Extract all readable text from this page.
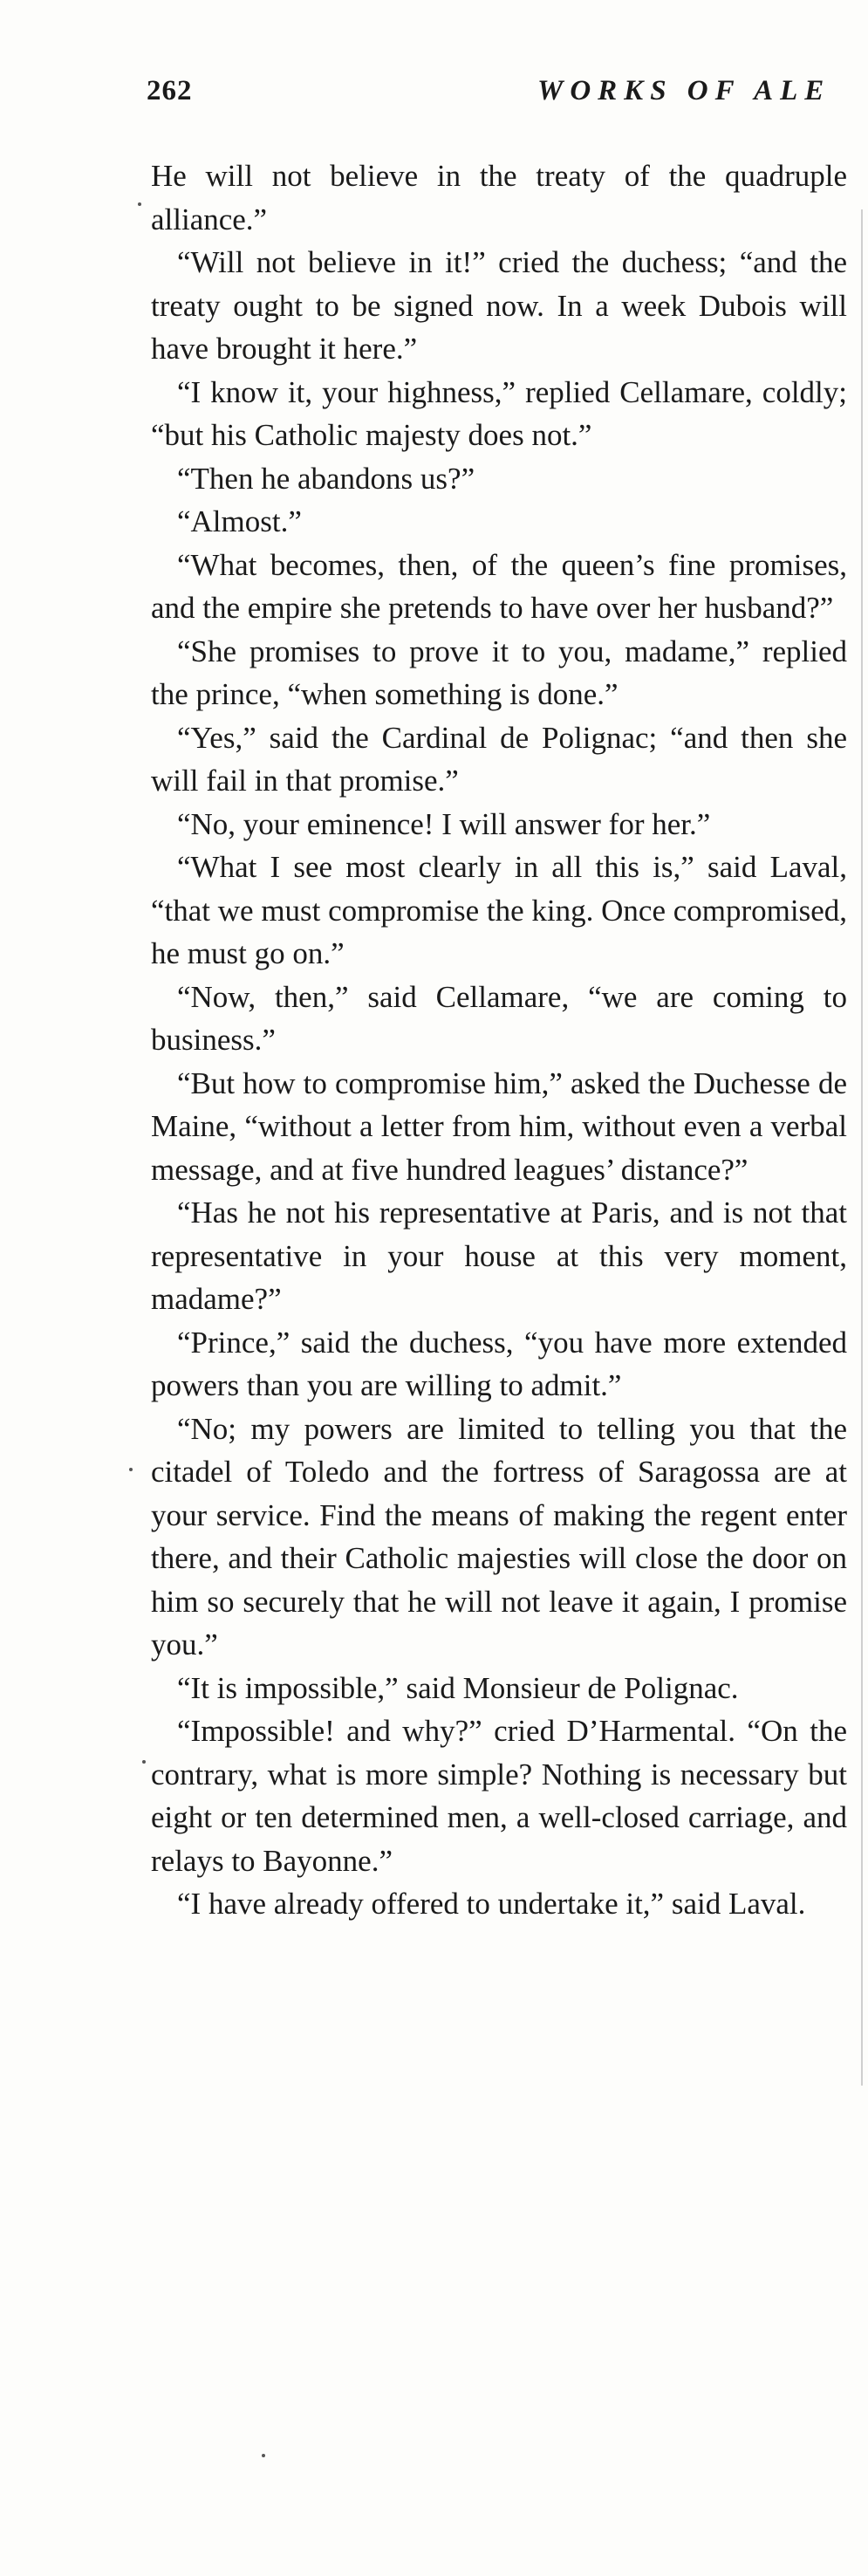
262	WORKS OF ALE

He will not believe in the treaty of the quadruple alliance.”

“Will not believe in it!” cried the duchess; “and the treaty ought to be signed now. In a week Dubois will have brought it here.”

“I know it, your highness,” replied Cellamare, coldly; “but his Catholic majesty does not.”

“Then he abandons us?”

“Almost.”

“What becomes, then, of the queen’s fine promises, and the empire she pretends to have over her husband?”

“She promises to prove it to you, madame,” replied the prince, “when something is done.”

“Yes,” said the Cardinal de Polignac; “and then she will fail in that promise.”

“No, your eminence! I will answer for her.”

“What I see most clearly in all this is,” said Laval, “that we must compromise the king. Once compromised, he must go on.”

“Now, then,” said Cellamare, “we are coming to business.”

“But how to compromise him,” asked the Duchesse de Maine, “without a letter from him, without even a verbal message, and at five hundred leagues’ distance?”

“Has he not his representative at Paris, and is not that representative in your house at this very moment, madame?”

“Prince,” said the duchess, “you have more extended powers than you are willing to admit.”

“No; my powers are limited to telling you that the citadel of Toledo and the fortress of Saragossa are at your service. Find the means of making the regent enter there, and their Catholic majesties will close the door on him so securely that he will not leave it again, I promise you.”

“It is impossible,” said Monsieur de Polignac.

“Impossible! and why?” cried D’Harmental. “On the contrary, what is more simple? Nothing is necessary but eight or ten determined men, a well-closed carriage, and relays to Bayonne.”

“I have already offered to undertake it,” said Laval.
